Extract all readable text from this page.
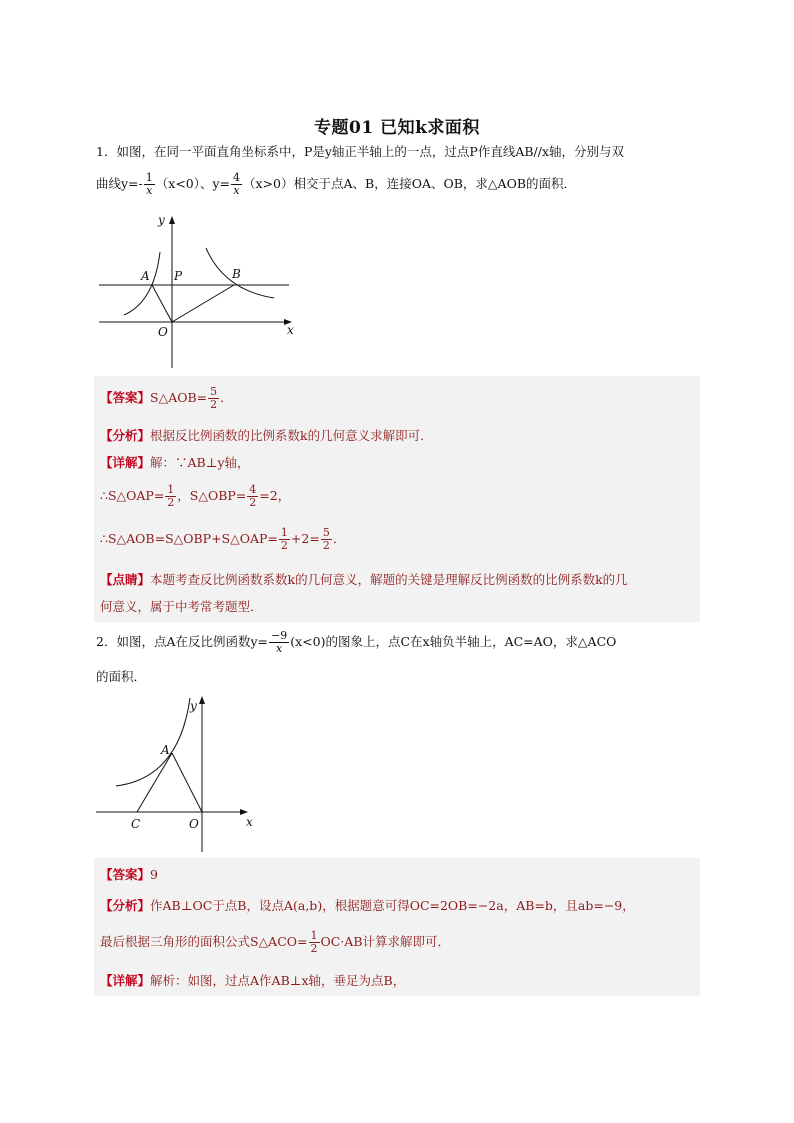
专题01 已知k求面积
1．如图，在同一平面直角坐标系中，P是y轴正半轴上的一点，过点P作直线AB//x轴，分别与双
曲线$y=- \frac{1}{x} (x<0)$、$y= \frac{4}{x} (x>0)$相交于点A、B，连接OA、OB，求△AOB的面积．
y
x
A P	B
O
【答案】S△AOB= $\frac{5}{2}$ ．
【分析】根据反比例函数的比例系数k的几何意义求解即可．
【详解】解：∵AB⊥y轴，
∴S△OAP= $\frac{1}{2}$ ，S△OBP= $\frac{4}{2} =2$，
∴S△AOB=S△OBP+S△OAP= $\frac{1}{2} +2= \frac{5}{2}$ ．
【点睛】本题考查反比例函数系数k的几何意义，解题的关键是理解反比例函数的比例系数k的几
何意义，属于中考常考题型．
2．如图，点A在反比例函数$y= \frac{-9}{x} (x<0)$的图象上，点C在x轴负半轴上，AC=AO，求△ACO
的面积．
y
x
A
C	O
【答案】9
【分析】作AB⊥OC于点B，设点A(a,b)，根据题意可得OC=2OB=−2a，AB=b，且ab=−9，
最后根据三角形的面积公式S△ACO= $\frac{1}{2} OC\cdot AB$计算求解即可．
【详解】解析：如图，过点A作AB⊥x轴，垂足为点B，
